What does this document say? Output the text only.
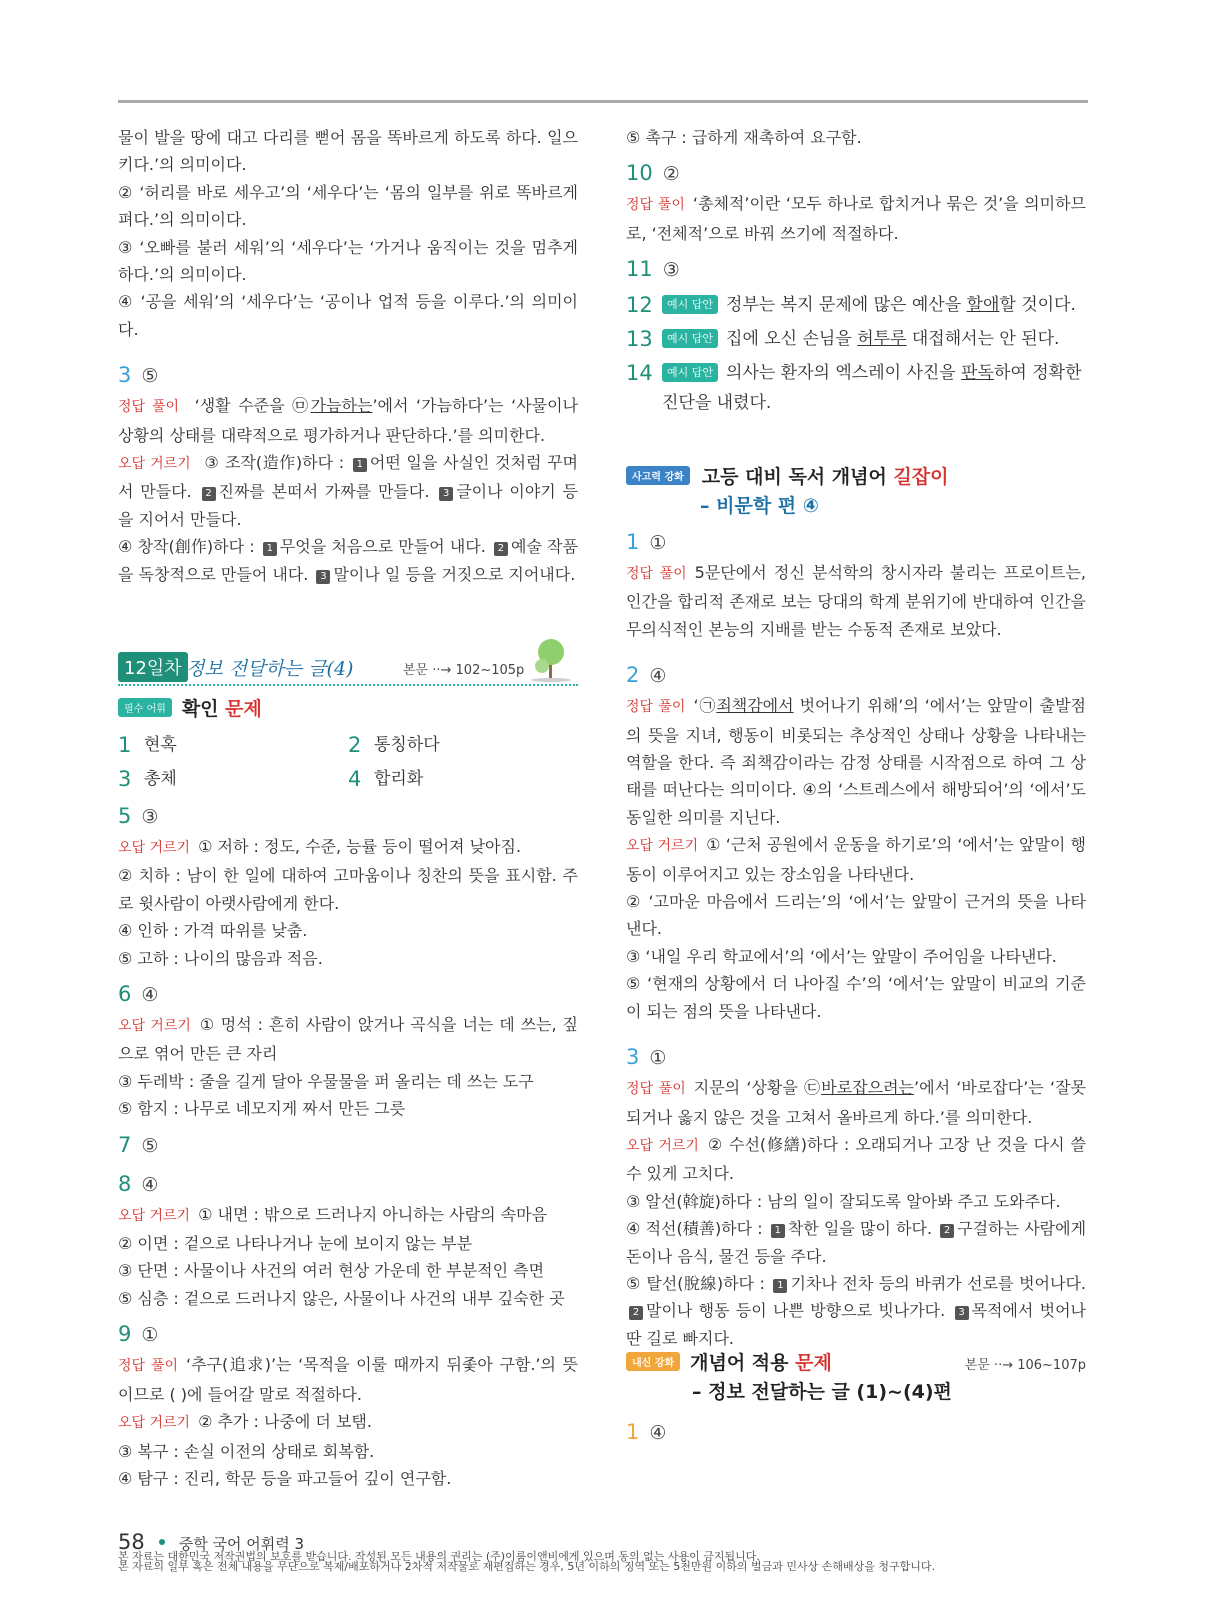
물이 발을 땅에 대고 다리를 뻗어 몸을 똑바르게 하도록 하다. 일으키다.’의 의미이다.

② ‘허리를 바로 세우고’의 ‘세우다’는 ‘몸의 일부를 위로 똑바르게 펴다.’의 의미이다.

③ ‘오빠를 불러 세워’의 ‘세우다’는 ‘가거나 움직이는 것을 멈추게 하다.’의 의미이다.

④ ‘공을 세워’의 ‘세우다’는 ‘공이나 업적 등을 이루다.’의 의미이다.

3 ⑤

정답 풀이 ‘생활 수준을 ㉤가늠하는’에서 ‘가늠하다’는 ‘사물이나 상황의 상태를 대략적으로 평가하거나 판단하다.’를 의미한다.

오답 거르기 ③ 조작(造作)하다 : 1 어떤 일을 사실인 것처럼 꾸며서 만들다. 2 진짜를 본떠서 가짜를 만들다. 3 글이나 이야기 등을 지어서 만들다.

④ 창작(創作)하다 : 1 무엇을 처음으로 만들어 내다. 2 예술 작품을 독창적으로 만들어 내다. 3 말이나 일 등을 거짓으로 지어내다.

12일차 정보 전달하는 글(4)	본문 ··→ 102~105p
필수 어휘 확인 문제
1 현혹	2 통칭하다
3 총체	4 합리화
5 ③

오답 거르기 ① 저하 : 정도, 수준, 능률 등이 떨어져 낮아짐.

② 치하 : 남이 한 일에 대하여 고마움이나 칭찬의 뜻을 표시함. 주로 윗사람이 아랫사람에게 한다.

④ 인하 : 가격 따위를 낮춤.

⑤ 고하 : 나이의 많음과 적음.

6 ④

오답 거르기 ① 멍석 : 흔히 사람이 앉거나 곡식을 너는 데 쓰는, 짚으로 엮어 만든 큰 자리

③ 두레박 : 줄을 길게 달아 우물물을 퍼 올리는 데 쓰는 도구

⑤ 함지 : 나무로 네모지게 짜서 만든 그릇

7 ⑤
8 ④

오답 거르기 ① 내면 : 밖으로 드러나지 아니하는 사람의 속마음

② 이면 : 겉으로 나타나거나 눈에 보이지 않는 부분

③ 단면 : 사물이나 사건의 여러 현상 가운데 한 부분적인 측면

⑤ 심층 : 겉으로 드러나지 않은, 사물이나 사건의 내부 깊숙한 곳

9 ①

정답 풀이 ‘추구(追求)’는 ‘목적을 이룰 때까지 뒤좇아 구함.’의 뜻이므로 ( )에 들어갈 말로 적절하다.

오답 거르기 ② 추가 : 나중에 더 보탬.

③ 복구 : 손실 이전의 상태로 회복함.

④ 탐구 : 진리, 학문 등을 파고들어 깊이 연구함.

⑤ 촉구 : 급하게 재촉하여 요구함.

10 ②

정답 풀이 ‘총체적’이란 ‘모두 하나로 합치거나 묶은 것’을 의미하므로, ‘전체적’으로 바꿔 쓰기에 적절하다.

11 ③
12	예시 답안 정부는 복지 문제에 많은 예산을 할애할 것이다.
13	예시 답안 집에 오신 손님을 허투루 대접해서는 안 된다.
14	예시 답안 의사는 환자의 엑스레이 사진을 판독하여 정확한 진단을 내렸다.
사고력 강화 고등 대비 독서 개념어 길잡이
– 비문학 편 ④
1 ①

정답 풀이 5문단에서 정신 분석학의 창시자라 불리는 프로이트는, 인간을 합리적 존재로 보는 당대의 학계 분위기에 반대하여 인간을 무의식적인 본능의 지배를 받는 수동적 존재로 보았다.

2 ④

정답 풀이 ‘㉠죄책감에서 벗어나기 위해’의 ‘에서’는 앞말이 출발점의 뜻을 지녀, 행동이 비롯되는 추상적인 상태나 상황을 나타내는 역할을 한다. 즉 죄책감이라는 감정 상태를 시작점으로 하여 그 상태를 떠난다는 의미이다. ④의 ‘스트레스에서 해방되어’의 ‘에서’도 동일한 의미를 지닌다.

오답 거르기 ① ‘근처 공원에서 운동을 하기로’의 ‘에서’는 앞말이 행동이 이루어지고 있는 장소임을 나타낸다.

② ‘고마운 마음에서 드리는’의 ‘에서’는 앞말이 근거의 뜻을 나타낸다.

③ ‘내일 우리 학교에서’의 ‘에서’는 앞말이 주어임을 나타낸다.

⑤ ‘현재의 상황에서 더 나아질 수’의 ‘에서’는 앞말이 비교의 기준이 되는 점의 뜻을 나타낸다.

3 ①

정답 풀이 지문의 ‘상황을 ㉢바로잡으려는’에서 ‘바로잡다’는 ‘잘못되거나 옳지 않은 것을 고쳐서 올바르게 하다.’를 의미한다.

오답 거르기 ② 수선(修繕)하다 : 오래되거나 고장 난 것을 다시 쓸 수 있게 고치다.

③ 알선(斡旋)하다 : 남의 일이 잘되도록 알아봐 주고 도와주다.

④ 적선(積善)하다 : 1 착한 일을 많이 하다. 2 구걸하는 사람에게 돈이나 음식, 물건 등을 주다.

⑤ 탈선(脫線)하다 : 1 기차나 전차 등의 바퀴가 선로를 벗어나다. 2 말이나 행동 등이 나쁜 방향으로 빗나가다. 3 목적에서 벗어나 딴 길로 빠지다.

내신 강화 개념어 적용 문제
– 정보 전달하는 글 (1)~(4)편
본문 ··→ 106~107p
1 ④
58 중학 국어 어휘력 3
본 자료는 대한민국 저작권법의 보호를 받습니다. 작성된 모든 내용의 권리는 (주)이룸이앤비에게 있으며 동의 없는 사용이 금지됩니다.
본 자료의 일부 혹은 전체 내용을 무단으로 복제/배포하거나 2차적 저작물로 재편집하는 경우, 5년 이하의 징역 또는 5천만원 이하의 벌금과 민사상 손해배상을 청구합니다.
